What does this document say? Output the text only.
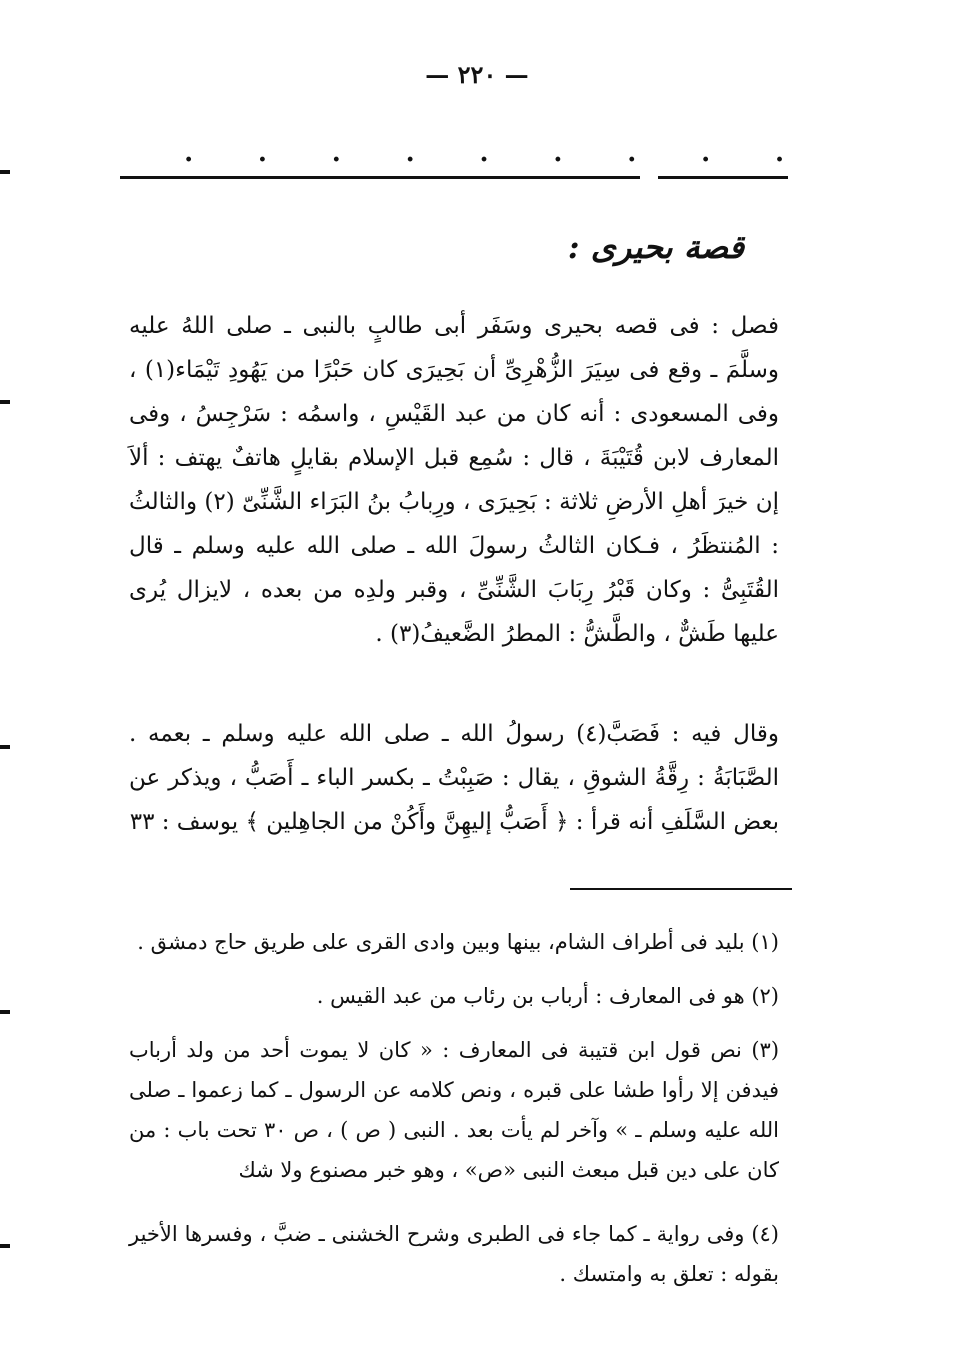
— ٢٢٠ —
.
.
.
.
.
.
.
.
.
قصة بحيرى :
فصل : فى قصه بحيرى وسَفَر أبى طالبٍ بالنبى ـ صلى اللهُ عليه وسلَّمَ ـ وقع فى سِيَرَ الزُّهْرِىِّ أن بَحِيرَى كان حَبْرًا من يَهُودِ تَيْمَاء(١) ، وفى المسعودى : أنه كان من عبد القَيْسِ ، واسمُه : سَرْجِسُ ، وفى المعارف لابن قُتَيْبَةَ ، قال : سُمِع قبل الإسلام بقايلٍ هاتفٌ يهتف : ألاَ إن خيرَ أهلِ الأرضِ ثلاثة : بَحِيرَى ، ورِبابُ بنُ البَرَاء الشَّنِّىّ (٢) والثالثُ : المُنتظَرُ ، فـكان الثالثُ رسولَ الله ـ صلى الله عليه وسلم ـ قال القُتَبِىُّ : وكان قَبْرُ رِبَابَ الشَّنِّىِّ ، وقبر ولدِه من بعده ، لايزال يُرى عليها طَشٌّ ، والطَّشُّ : المطرُ الضَّعيفُ(٣) .
وقال فيه : فَصَبَّ(٤) رسولُ الله ـ صلى الله عليه وسلم ـ بعمه . الصَّبَابَةُ : رِقَّةُ الشوقِ ، يقال : صَبِبْتُ ـ بكسر الباء ـ أَصَبُّ ، ويذكر عن بعض السَّلَفِ أنه قرأ : ﴿ أَصَبُّ إليهِنَّ وأَكُنْ من الجاهِلين ﴾ يوسف : ٣٣
(١) بليد فى أطراف الشام، بينها وبين وادى القرى على طريق حاج دمشق .
(٢) هو فى المعارف : أرباب بن رئاب من عبد القيس .
(٣) نص قول ابن قتيبة فى المعارف : « كان لا يموت أحد من ولد أرباب فيدفن إلا رأوا طشا على قبره ، ونص كلامه عن الرسول ـ كما زعموا ـ صلى الله عليه وسلم ـ » وآخر لم يأت بعد . النبى ( ص ) ، ص ٣٠ تحت باب : من كان على دين قبل مبعث النبى «ص» ، وهو خبر مصنوع ولا شك
(٤) وفى رواية ـ كما جاء فى الطبرى وشرح الخشنى ـ ضبَّ ، وفسرها الأخير بقوله : تعلق به وامتسك .
